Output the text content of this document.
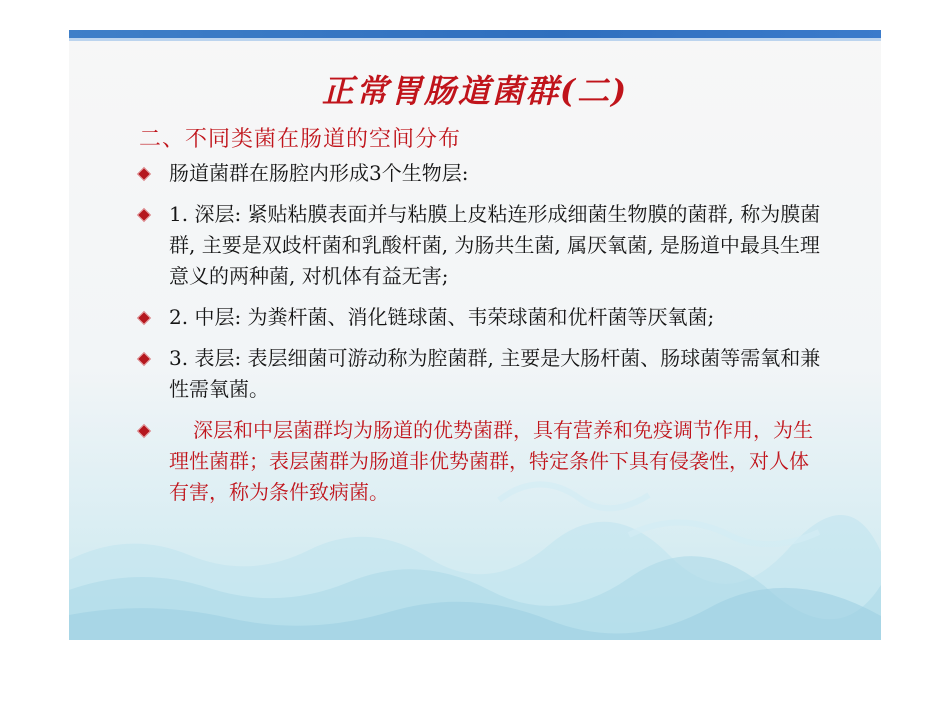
正常胃肠道菌群(二)
二、不同类菌在肠道的空间分布
肠道菌群在肠腔内形成3个生物层:
1. 深层: 紧贴粘膜表面并与粘膜上皮粘连形成细菌生物膜的菌群, 称为膜菌群, 主要是双歧杆菌和乳酸杆菌, 为肠共生菌, 属厌氧菌, 是肠道中最具生理意义的两种菌, 对机体有益无害;
2. 中层: 为粪杆菌、消化链球菌、韦荣球菌和优杆菌等厌氧菌;
3. 表层: 表层细菌可游动称为腔菌群, 主要是大肠杆菌、肠球菌等需氧和兼性需氧菌。
深层和中层菌群均为肠道的优势菌群，具有营养和免疫调节作用，为生理性菌群；表层菌群为肠道非优势菌群，特定条件下具有侵袭性，对人体有害，称为条件致病菌。
